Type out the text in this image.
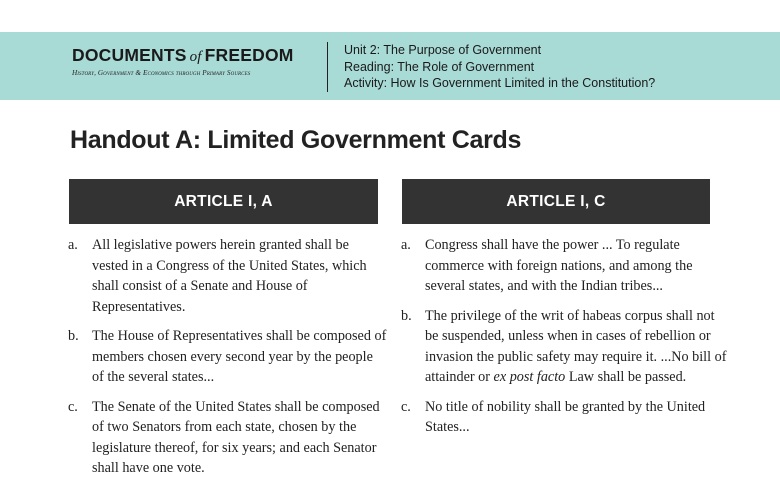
DOCUMENTS of FREEDOM
History, Government & Economics through Primary Sources
Unit 2: The Purpose of Government
Reading: The Role of Government
Activity: How Is Government Limited in the Constitution?
Handout A: Limited Government Cards
ARTICLE I, A	ARTICLE I, C
a. All legislative powers herein granted shall be vested in a Congress of the United States, which shall consist of a Senate and House of Representatives.
b. The House of Representatives shall be composed of members chosen every second year by the people of the several states...
c. The Senate of the United States shall be composed of two Senators from each state, chosen by the legislature thereof, for six years; and each Senator shall have one vote.
a. Congress shall have the power ... To regulate commerce with foreign nations, and among the several states, and with the Indian tribes...
b. The privilege of the writ of habeas corpus shall not be suspended, unless when in cases of rebellion or invasion the public safety may require it. ...No bill of attainder or ex post facto Law shall be passed.
c. No title of nobility shall be granted by the United States...
